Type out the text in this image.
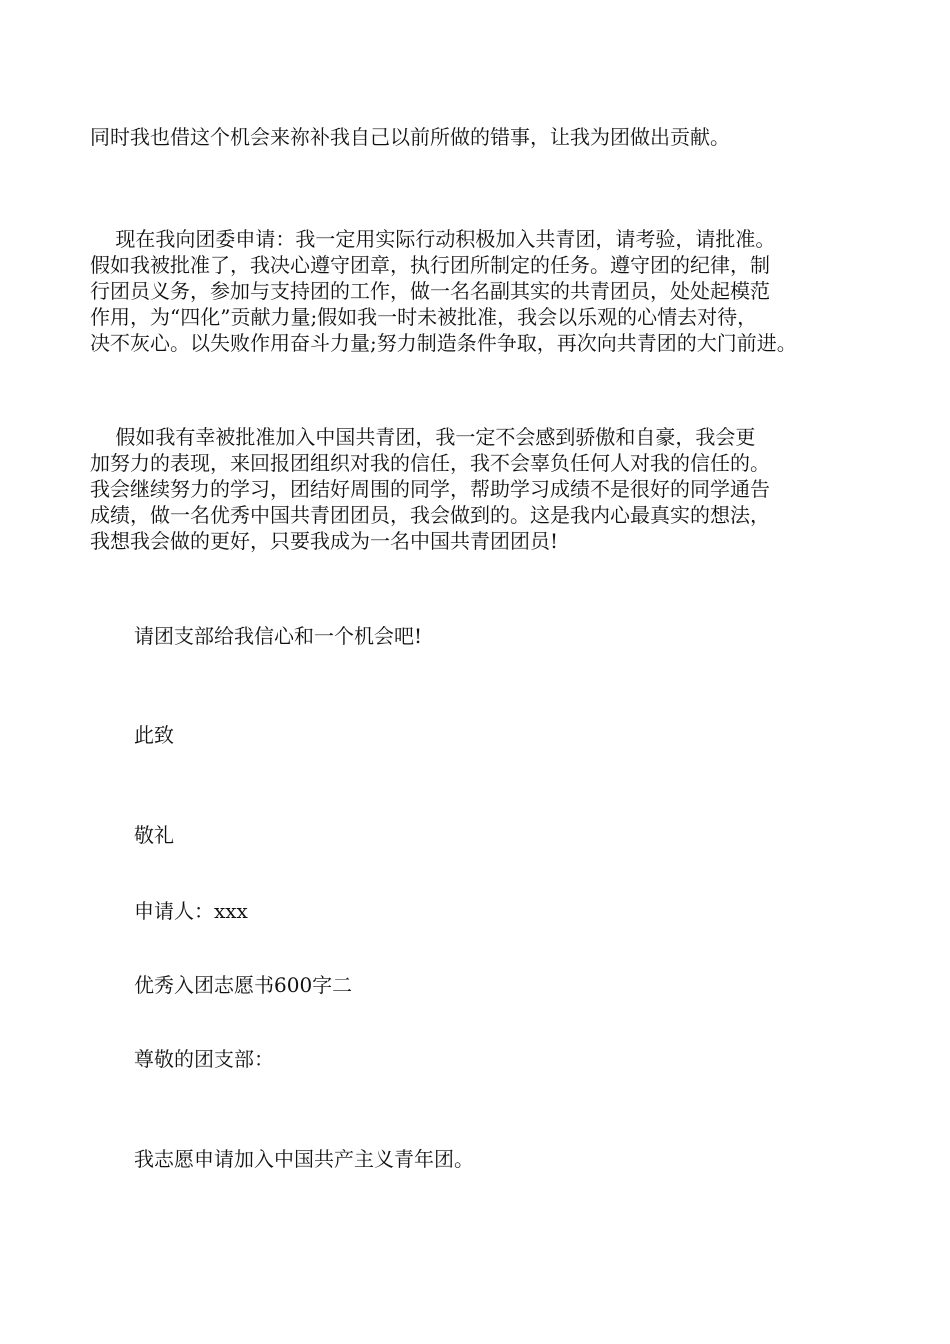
同时我也借这个机会来祢补我自己以前所做的错事，让我为团做出贡献。
现在我向团委申请：我一定用实际行动积极加入共青团，请考验，请批准。
假如我被批准了，我决心遵守团章，执行团所制定的任务。遵守团的纪律，制
行团员义务，参加与支持团的工作，做一名名副其实的共青团员，处处起模范
作用，为“四化”贡献力量;假如我一时未被批准，我会以乐观的心情去对待，
决不灰心。以失败作用奋斗力量;努力制造条件争取，再次向共青团的大门前进。
假如我有幸被批准加入中国共青团，我一定不会感到骄傲和自豪，我会更
加努力的表现，来回报团组织对我的信任，我不会辜负任何人对我的信任的。
我会继续努力的学习，团结好周围的同学，帮助学习成绩不是很好的同学通告
成绩，做一名优秀中国共青团团员，我会做到的。这是我内心最真实的想法，
我想我会做的更好，只要我成为一名中国共青团团员!
请团支部给我信心和一个机会吧!
此致
敬礼
申请人：xxx
优秀入团志愿书600字二
尊敬的团支部：
我志愿申请加入中国共产主义青年团。
